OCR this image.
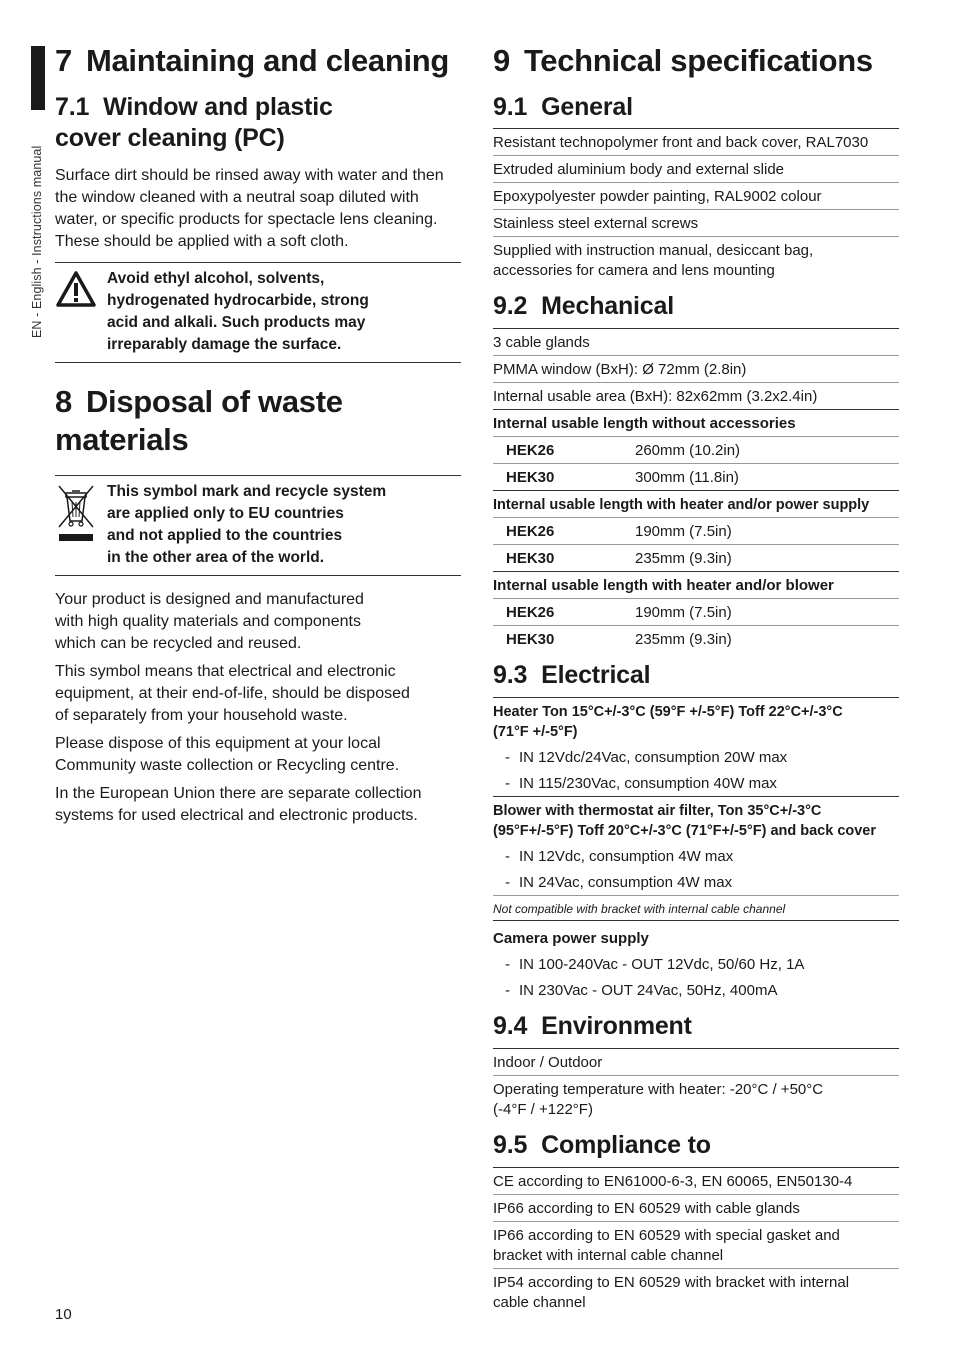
EN - English - Instructions manual
7 Maintaining and cleaning
7.1 Window and plastic
cover cleaning (PC)

Surface dirt should be rinsed away with water and then the window cleaned with a neutral soap diluted with water, or specific products for spectacle lens cleaning. These should be applied with a soft cloth.

Avoid ethyl alcohol, solvents,
hydrogenated hydrocarbide, strong
acid and alkali. Such products may
irreparably damage the surface.
8 Disposal of waste
materials
This symbol mark and recycle system
are applied only to EU countries
and not applied to the countries
in the other area of the world.

Your product is designed and manufactured
with high quality materials and components
which can be recycled and reused.

This symbol means that electrical and electronic
equipment, at their end-of-life, should be disposed
of separately from your household waste.

Please dispose of this equipment at your local
Community waste collection or Recycling centre.

In the European Union there are separate collection
systems for used electrical and electronic products.

9 Technical specifications
9.1 General
Resistant technopolymer front and back cover, RAL7030
Extruded aluminium body and external slide
Epoxypolyester powder painting, RAL9002 colour
Stainless steel external screws
Supplied with instruction manual, desiccant bag,
accessories for camera and lens mounting
9.2 Mechanical
3 cable glands
PMMA window (BxH): Ø 72mm (2.8in)
Internal usable area (BxH): 82x62mm (3.2x2.4in)
Internal usable length without accessories
HEK26	260mm (10.2in)
HEK30	300mm (11.8in)
Internal usable length with heater and/or power supply
HEK26	190mm (7.5in)
HEK30	235mm (9.3in)
Internal usable length with heater and/or blower
HEK26	190mm (7.5in)
HEK30	235mm (9.3in)
9.3 Electrical
Heater Ton 15°C+/-3°C (59°F +/-5°F) Toff 22°C+/-3°C
(71°F +/-5°F)
- IN 12Vdc/24Vac, consumption 20W max
- IN 115/230Vac, consumption 40W max
Blower with thermostat air filter, Ton 35°C+/-3°C
(95°F+/-5°F) Toff 20°C+/-3°C (71°F+/-5°F) and back cover
- IN 12Vdc, consumption 4W max
- IN 24Vac, consumption 4W max
Not compatible with bracket with internal cable channel
Camera power supply
- IN 100-240Vac - OUT 12Vdc, 50/60 Hz, 1A
- IN 230Vac - OUT 24Vac, 50Hz, 400mA
9.4 Environment
Indoor / Outdoor
Operating temperature with heater: -20°C / +50°C
(-4°F / +122°F)
9.5 Compliance to
CE according to EN61000-6-3, EN 60065, EN50130-4
IP66 according to EN 60529 with cable glands
IP66 according to EN 60529 with special gasket and
bracket with internal cable channel
IP54 according to EN 60529 with bracket with internal
cable channel
10
